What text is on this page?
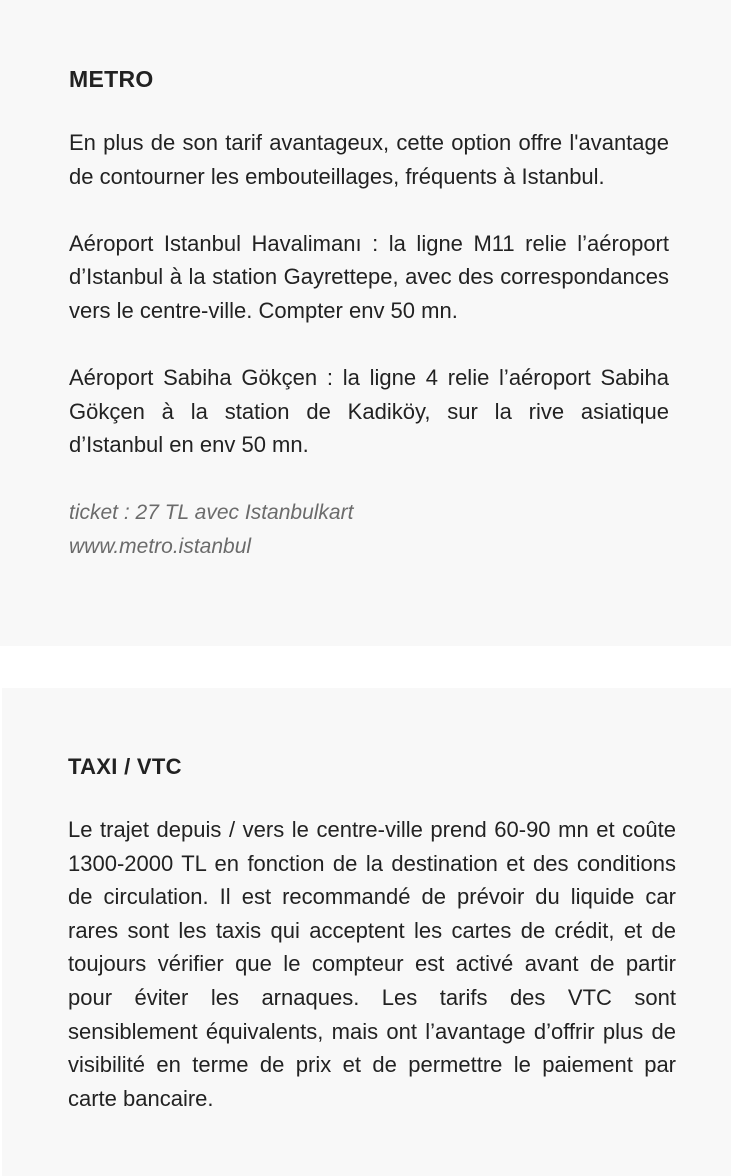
METRO

En plus de son tarif avantageux, cette option offre l'avantage de contourner les embouteillages, fréquents à Istanbul.

Aéroport Istanbul Havalimanı : la ligne M11 relie l’aéroport d’Istanbul à la station Gayrettepe, avec des correspondances vers le centre-ville. Compter env 50 mn.

Aéroport Sabiha Gökçen : la ligne 4 relie l’aéroport Sabiha Gökçen à la station de Kadiköy, sur la rive asiatique d’Istanbul en env 50 mn.

ticket : 27 TL avec Istanbulkart
www.metro.istanbul

TAXI / VTC

Le trajet depuis / vers le centre-ville prend 60-90 mn et coûte 1300-2000 TL en fonction de la destination et des conditions de circulation. Il est recommandé de prévoir du liquide car rares sont les taxis qui acceptent les cartes de crédit, et de toujours vérifier que le compteur est activé avant de partir pour éviter les arnaques. Les tarifs des VTC sont sensiblement équivalents, mais ont l’avantage d’offrir plus de visibilité en terme de prix et de permettre le paiement par carte bancaire.
